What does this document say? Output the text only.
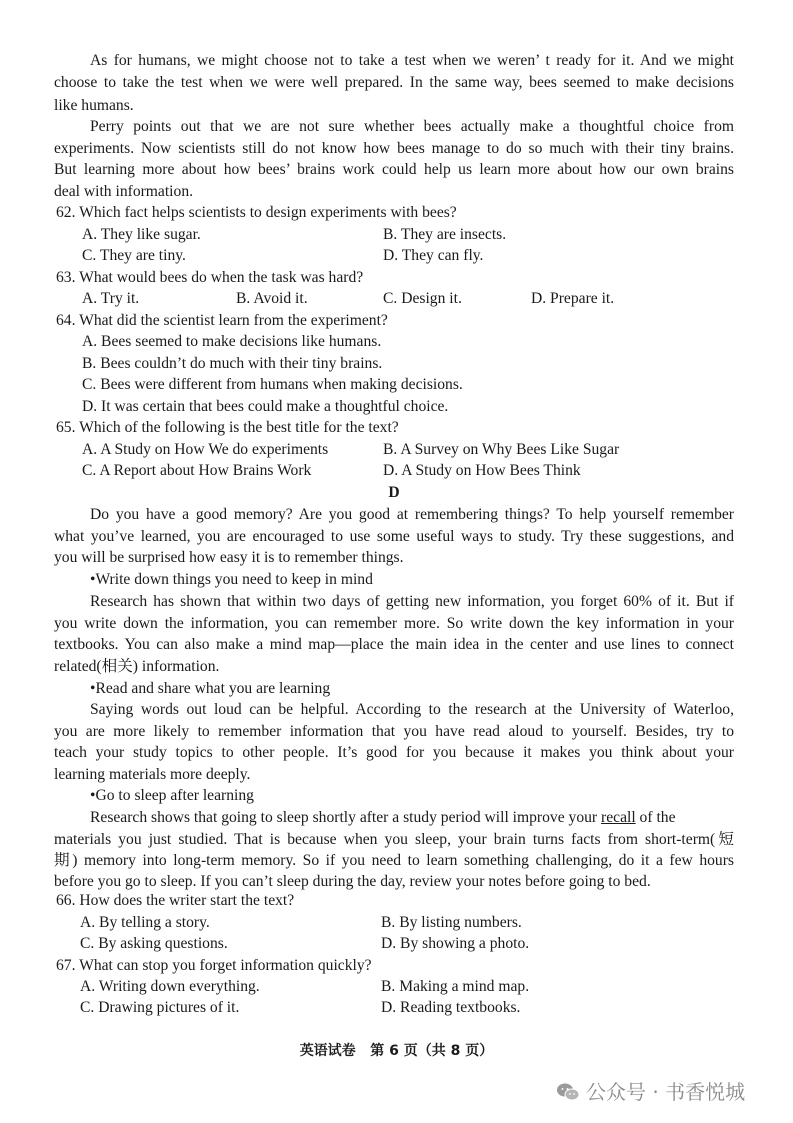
As for humans, we might choose not to take a test when we weren’ t ready for it. And we might
choose to take the test when we were well prepared. In the same way, bees seemed to make decisions
like humans.
Perry points out that we are not sure whether bees actually make a thoughtful choice from
experiments. Now scientists still do not know how bees manage to do so much with their tiny brains.
But learning more about how bees’ brains work could help us learn more about how our own brains
deal with information.
62. Which fact helps scientists to design experiments with bees?
A. They like sugar.	B. They are insects.
C. They are tiny.	D. They can fly.
63. What would bees do when the task was hard?
A. Try it.	B. Avoid it.	C. Design it.	D. Prepare it.
64. What did the scientist learn from the experiment?
A. Bees seemed to make decisions like humans.
B. Bees couldn’t do much with their tiny brains.
C. Bees were different from humans when making decisions.
D. It was certain that bees could make a thoughtful choice.
65. Which of the following is the best title for the text?
A. A Study on How We do experiments	B. A Survey on Why Bees Like Sugar
C. A Report about How Brains Work	D. A Study on How Bees Think
D
Do you have a good memory? Are you good at remembering things? To help yourself remember
what you’ve learned, you are encouraged to use some useful ways to study. Try these suggestions, and
you will be surprised how easy it is to remember things.
•Write down things you need to keep in mind
Research has shown that within two days of getting new information, you forget 60% of it. But if
you write down the information, you can remember more. So write down the key information in your
textbooks. You can also make a mind map—place the main idea in the center and use lines to connect
related(相关) information.
•Read and share what you are learning
Saying words out loud can be helpful. According to the research at the University of Waterloo,
you are more likely to remember information that you have read aloud to yourself. Besides, try to
teach your study topics to other people. It’s good for you because it makes you think about your
learning materials more deeply.
•Go to sleep after learning
Research shows that going to sleep shortly after a study period will improve your recall of the
materials you just studied. That is because when you sleep, your brain turns facts from short-term(短
期) memory into long-term memory. So if you need to learn something challenging, do it a few hours
before you go to sleep. If you can’t sleep during the day, review your notes before going to bed.
66. How does the writer start the text?
A. By telling a story.	B. By listing numbers.
C. By asking questions.	D. By showing a photo.
67. What can stop you forget information quickly?
A. Writing down everything.	B. Making a mind map.
C. Drawing pictures of it.	D. Reading textbooks.
英语试卷   第 6 页（共 8 页）
公众号 · 书香悦城
